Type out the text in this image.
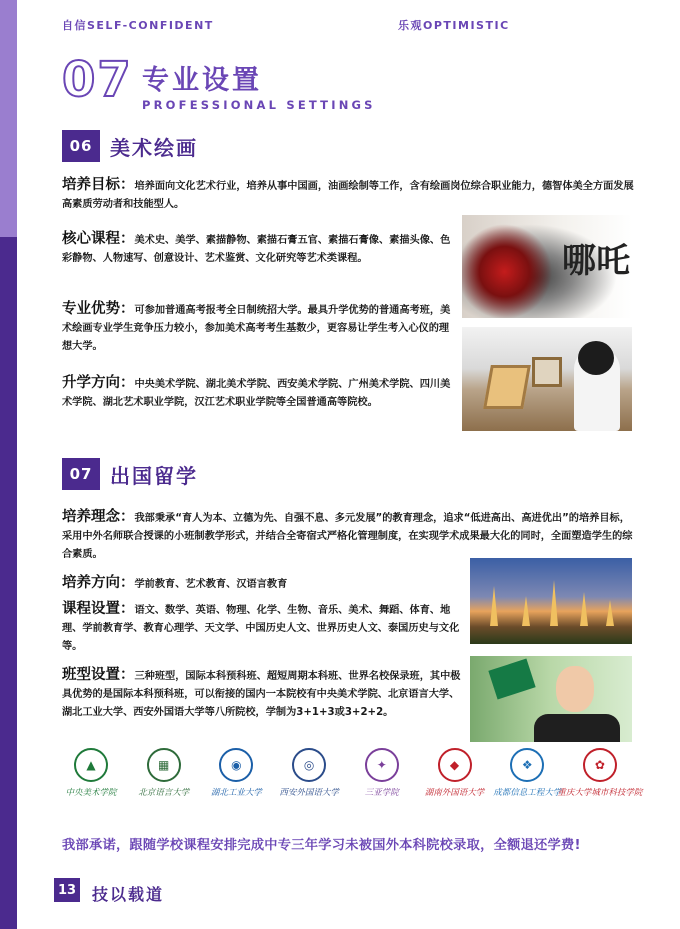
自信SELF-CONFIDENT	乐观OPTIMISTIC
07 专业设置
PROFESSIONAL SETTINGS
06 美术绘画
培养目标：培养面向文化艺术行业，培养从事中国画，油画绘制等工作，含有绘画岗位综合职业能力，德智体美全方面发展高素质劳动者和技能型人。
核心课程：美术史、美学、素描静物、素描石膏五官、素描石膏像、素描头像、色彩静物、人物速写、创意设计、艺术鉴赏、文化研究等艺术类课程。
专业优势：可参加普通高考报考全日制统招大学。最具升学优势的普通高考班，美术绘画专业学生竞争压力较小，参加美术高考考生基数少，更容易让学生考入心仪的理想大学。
升学方向：中央美术学院、湖北美术学院、西安美术学院、广州美术学院、四川美术学院、湖北艺术职业学院，汉江艺术职业学院等全国普通高等院校。
哪吒
07 出国留学
培养理念：我部秉承“育人为本、立德为先、自强不息、多元发展”的教育理念，追求“低进高出、高进优出”的培养目标，采用中外名师联合授课的小班制教学形式，并结合全寄宿式严格化管理制度，在实现学术成果最大化的同时，全面塑造学生的综合素质。
培养方向：学前教育、艺术教育、汉语言教育
课程设置：语文、数学、英语、物理、化学、生物、音乐、美术、舞蹈、体育、地理、学前教育学、教育心理学、天文学、中国历史人文、世界历史人文、泰国历史与文化等。
班型设置：三种班型，国际本科预科班、超短周期本科班、世界名校保录班，其中极具优势的是国际本科预科班，可以衔接的国内一本院校有中央美术学院、北京语言大学、湖北工业大学、西安外国语大学等八所院校，学制为3+1+3或3+2+2。
▲
中央美术学院
▦
北京语言大学
◉
湖北工业大学
◎
西安外国语大学
✦
三亚学院
◆
湖南外国语大学
❖
成都信息工程大学
✿
重庆大学城市科技学院
我部承诺，跟随学校课程安排完成中专三年学习未被国外本科院校录取，全额退还学费!
13 技以载道
